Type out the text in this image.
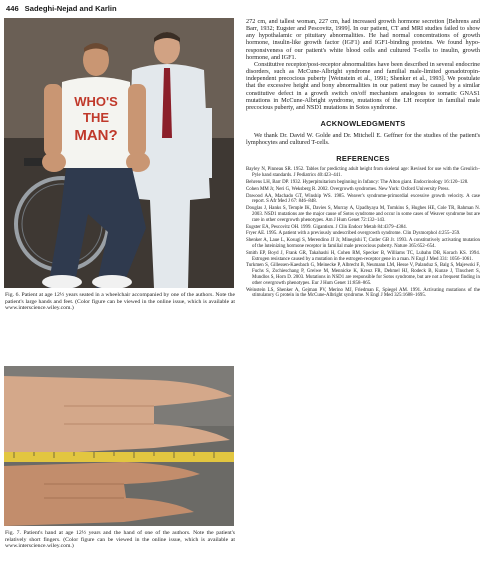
446 Sadeghi-Nejad and Karlin
WHO'S
THE
MAN?
Fig. 6. Patient at age 12½ years seated in a wheelchair accompanied by one of the authors. Note the patient's large hands and feet. (Color figure can be viewed in the online issue, which is available at www.interscience.wiley.com.)
Fig. 7. Patient's hand at age 12½ years and the hand of one of the authors. Note the patient's relatively short fingers. (Color figure can be viewed in the online issue, which is available at www.interscience.wiley.com.)

272 cm, and tallest woman, 227 cm, had increased growth hormone secretion [Behrens and Barr, 1932; Eugster and Pescovitz, 1999]. In our patient, CT and MRI studies failed to show any hypothalamic or pituitary abnormalities. He had normal concentrations of growth hormone, insulin-like growth factor (IGF1) and IGF1-binding proteins. We found hypo-responsiveness of our patient's white blood cells and cultured T-cells to insulin, growth hormone, and IGF1.

Constitutive receptor/post-receptor abnormalities have been described in several endocrine disorders, such as McCune-Albright syndrome and familial male-limited gonadotropin-independent precocious puberty [Weinstein et al., 1991; Shenker et al., 1993]. We postulate that the excessive height and bony abnormalities in our patient may be caused by a similar constitutive defect in a growth switch on/off mechanism analogous to somatic GNAS1 mutations in McCune-Albright syndrome, mutations of the LH receptor in familial male precocious puberty, and NSD1 mutations in Sotos syndrome.

ACKNOWLEDGMENTS

We thank Dr. David W. Golde and Dr. Mitchell E. Geffner for the studies of the patient's lymphocytes and cultured T-cells.

REFERENCES

Bayley N, Pinneau SR. 1952. Tables for predicting adult height from skeletal age: Revised for use with the Greulich–Pyle hand standards. J Pediatrics 40:423–441.

Behrens LH, Barr DP. 1932. Hyperpituitarism beginning in Infancy: The Alton giant. Endocrinology 16:120–128.

Cohen MM Jr, Neri G, Weksberg R. 2002. Overgrowth syndromes. New York: Oxford University Press.

Dawood AA, Machado GT, Winship WS. 1985. Weaver's syndrome-primordial excessive growth velocity. A case report. S Afr Med J 67: 846–848.

Douglas J, Hanks S, Temple IK, Davies S, Murray A, Upadhyaya M, Tomkins S, Hughes HE, Cole TR, Rahman N. 2003. NSD1 mutations are the major cause of Sotos syndrome and occur in some cases of Weaver syndrome but are rare in other overgrowth phenotypes. Am J Hum Genet 72:132–143.

Eugster EA, Pescovitz OH. 1999. Gigantism. J Clin Endocr Metab 84:4379–4384.

Fryer AE. 1995. A patient with a previously undescribed overgrowth syndrome. Clin Dysmorphol 4:255–259.

Shenker A, Laue L, Kosugi S, Merendino JJ Jr, Minegishi T, Cutler GB Jr. 1993. A constitutively activating mutation of the luteinizing hormone receptor in familial male precocious puberty. Nature 365:652–654.

Smith EP, Boyd J, Frank GR, Takahashi H, Cohen RM, Specker B, Williams TC, Lubahn DB, Korach KS. 1994. Estrogen resistance caused by a mutation in the estrogen-receptor gene in a man. N Engl J Med 331: 1056–1061.

Turkmen S, Gillessen-Kaesbach G, Meinecke P, Albrecht B, Neumann LM, Hesse V, Palanduz S, Balg S, Majewski F, Fuchs S, Zschieschang P, Greiwe M, Mennicke K, Kreuz FR, Dehmel HJ, Rodeck B, Kunze J, Tinschert S, Mundlos S, Horn D. 2003. Mutations in NSD1 are responsible for Sotos syndrome, but are not a frequent finding in other overgrowth phenotypes. Eur J Hum Genet 11:858–865.

Weinstein LS, Shenker A, Gejman PV, Merino MJ, Friedman E, Spiegel AM. 1991. Activating mutations of the stimulatory G protein in the McCune-Albright syndrome. N Engl J Med 325:1688–1695.
